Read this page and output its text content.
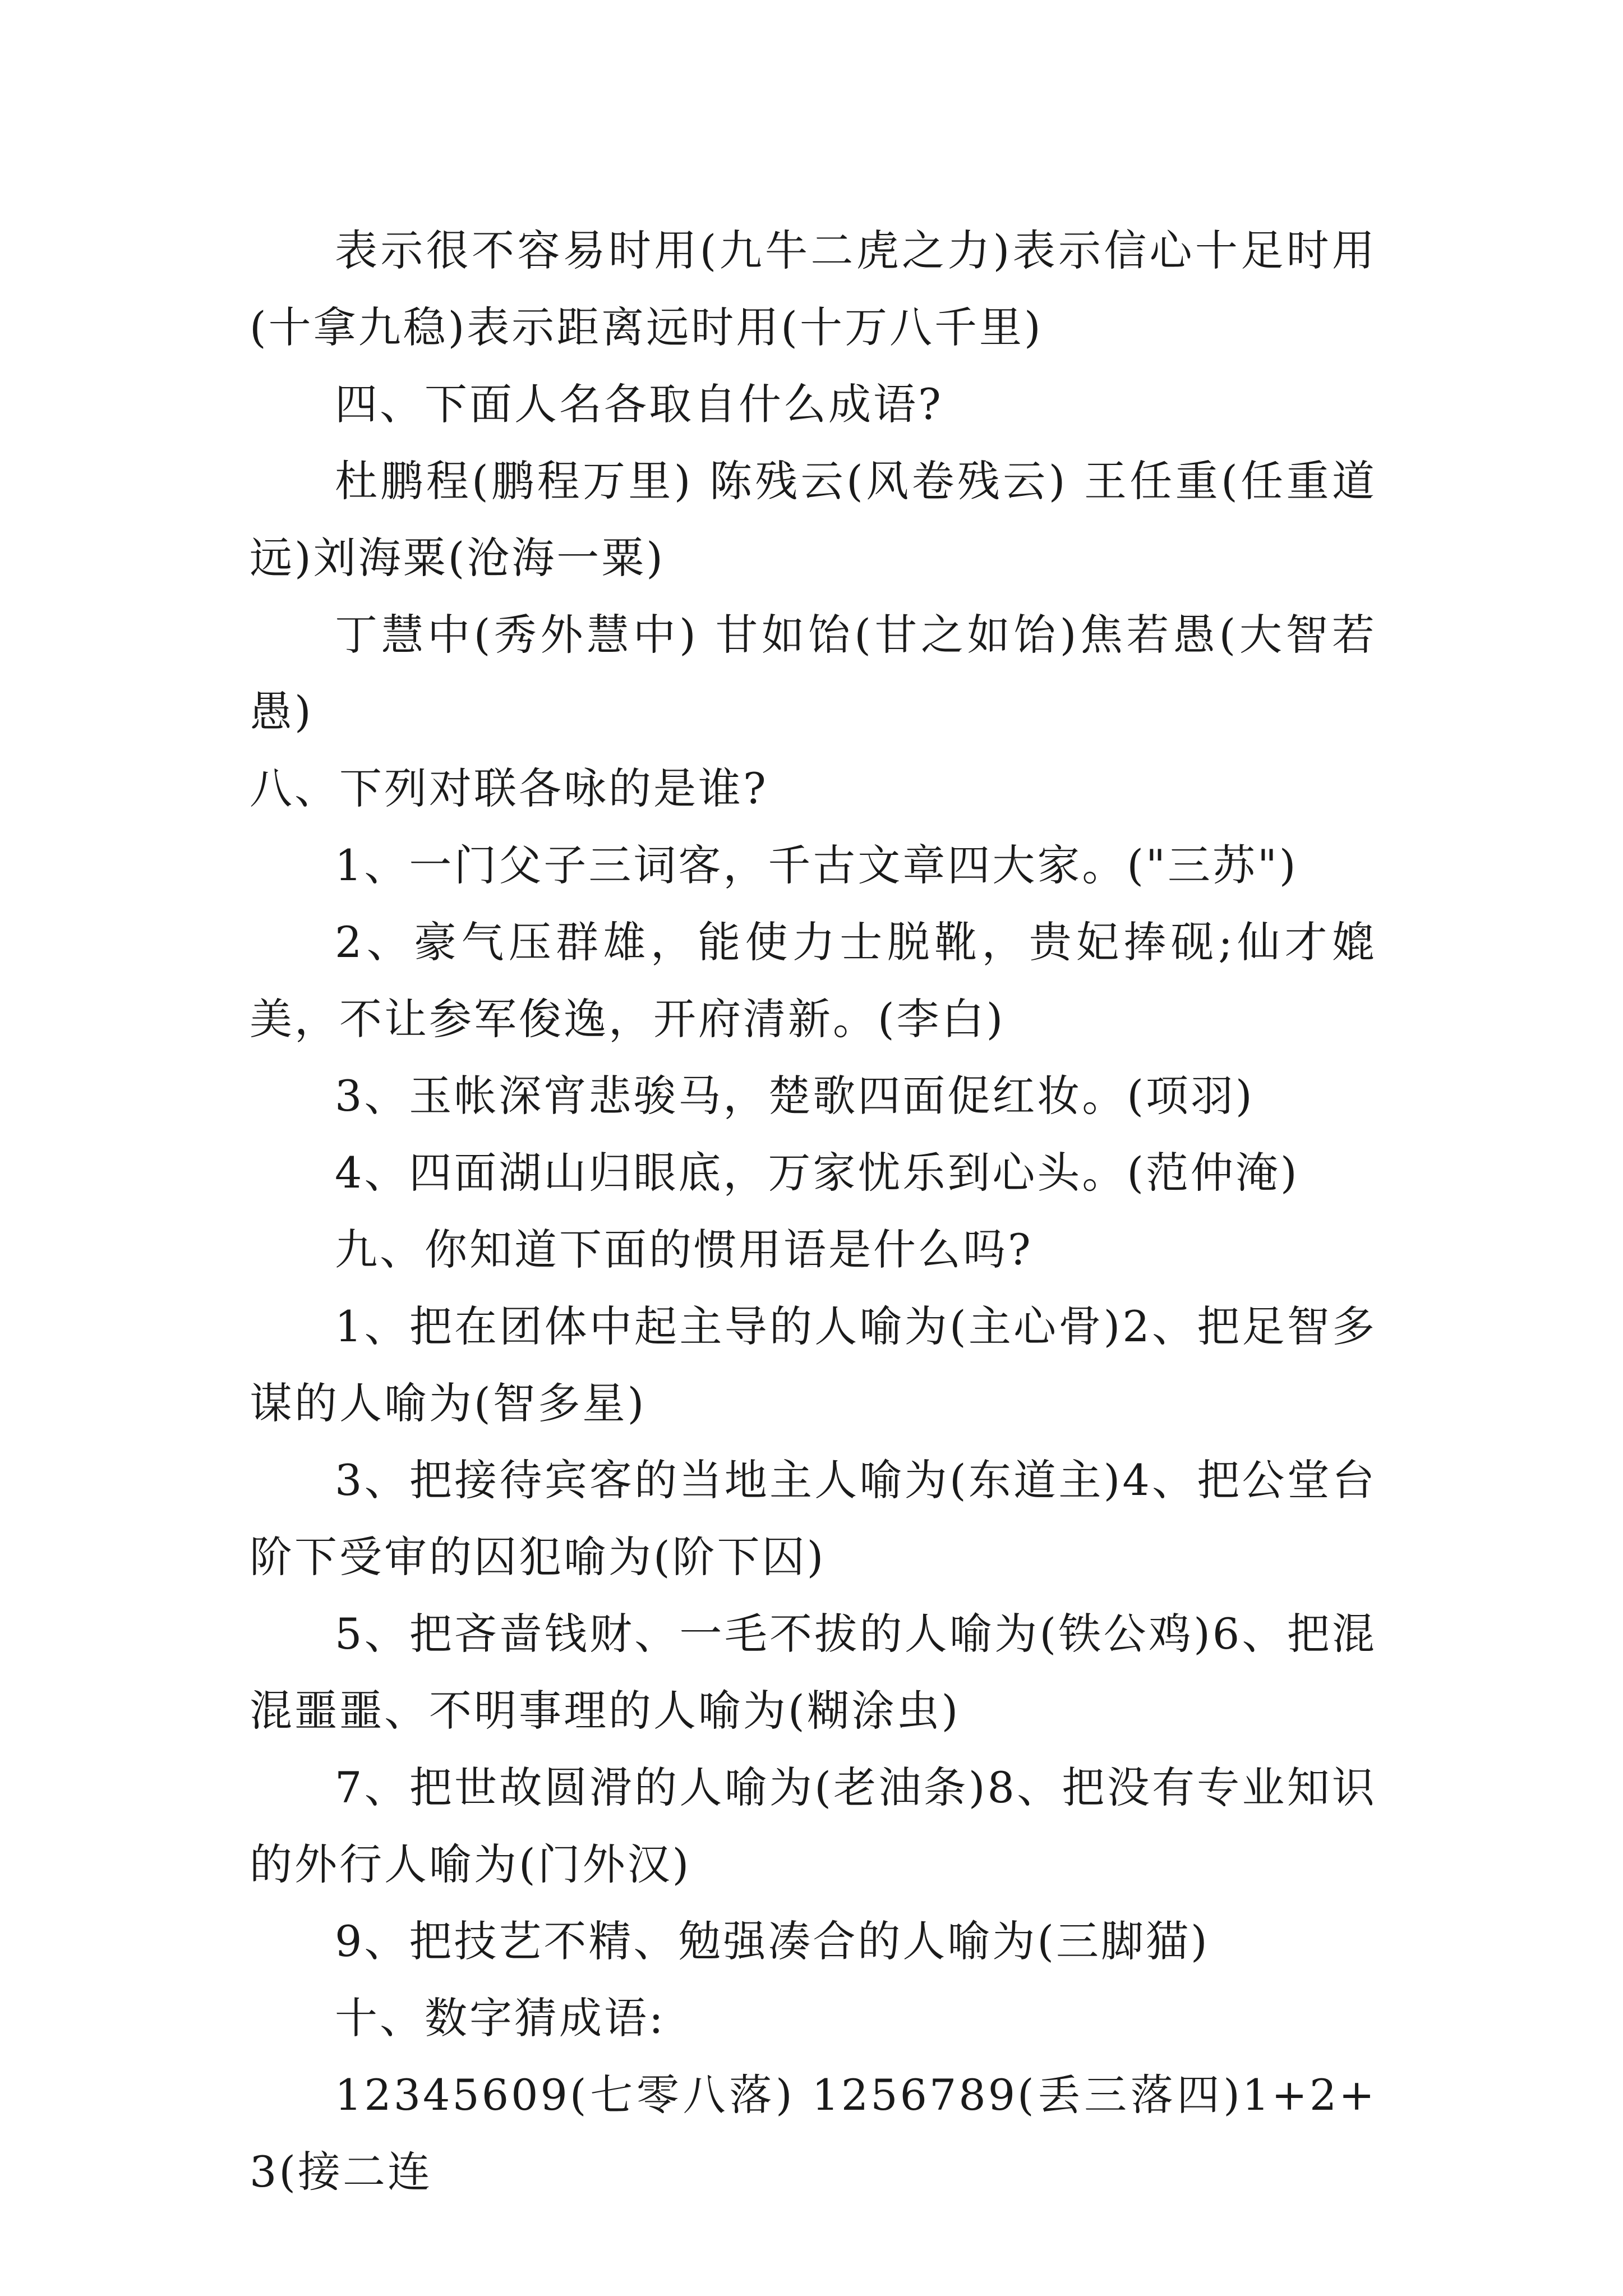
表示很不容易时用(九牛二虎之力)表示信心十足时用(十拿九稳)表示距离远时用(十万八千里)

四、下面人名各取自什么成语?

杜鹏程(鹏程万里) 陈残云(风卷残云) 王任重(任重道远)刘海粟(沧海一粟)

丁慧中(秀外慧中) 甘如饴(甘之如饴)焦若愚(大智若愚)

八、下列对联各咏的是谁?

1、一门父子三词客，千古文章四大家。("三苏")

2、豪气压群雄，能使力士脱靴，贵妃捧砚;仙才媲美，不让参军俊逸，开府清新。(李白)

3、玉帐深宵悲骏马，楚歌四面促红妆。(项羽)

4、四面湖山归眼底，万家忧乐到心头。(范仲淹)

九、你知道下面的惯用语是什么吗?

1、把在团体中起主导的人喻为(主心骨)2、把足智多谋的人喻为(智多星)

3、把接待宾客的当地主人喻为(东道主)4、把公堂台阶下受审的囚犯喻为(阶下囚)

5、把吝啬钱财、一毛不拔的人喻为(铁公鸡)6、把混混噩噩、不明事理的人喻为(糊涂虫)

7、把世故圆滑的人喻为(老油条)8、把没有专业知识的外行人喻为(门外汉)

9、把技艺不精、勉强凑合的人喻为(三脚猫)

十、数字猜成语:

12345609(七零八落) 1256789(丢三落四)1+2+3(接二连
